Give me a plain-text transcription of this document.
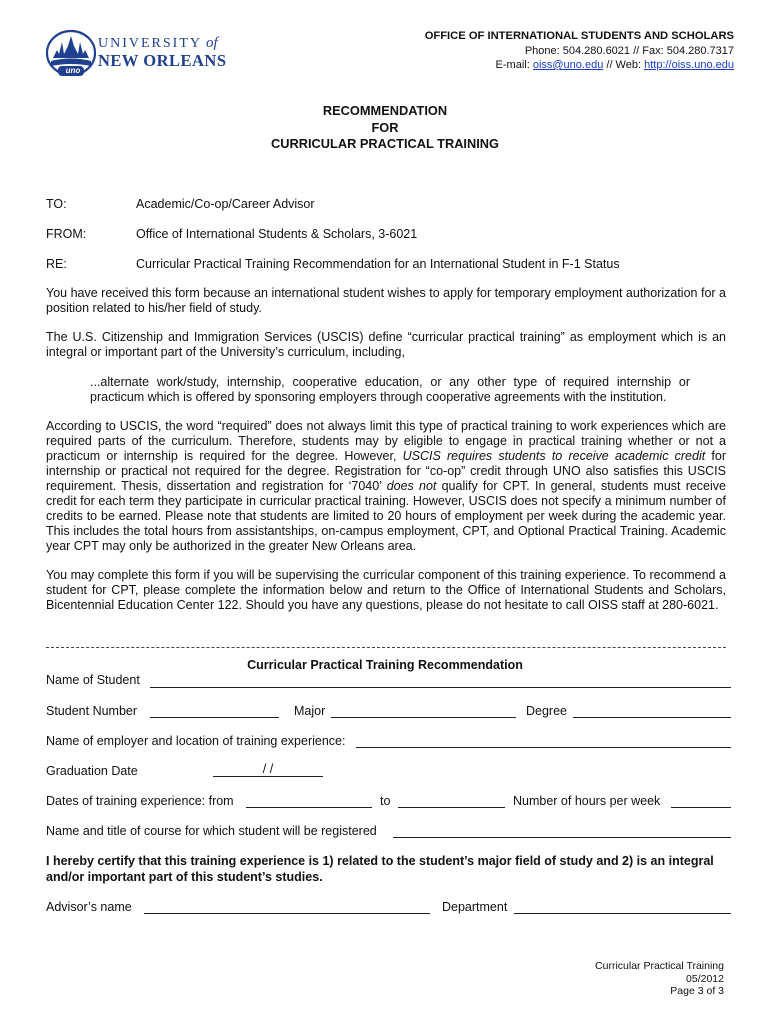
uno
UNIVERSITY of
NEW ORLEANS
OFFICE OF INTERNATIONAL STUDENTS AND SCHOLARS
Phone: 504.280.6021 // Fax: 504.280.7317
E-mail: oiss@uno.edu // Web: http://oiss.uno.edu
RECOMMENDATION
FOR
CURRICULAR PRACTICAL TRAINING
TO:	Academic/Co-op/Career Advisor
FROM:	Office of International Students & Scholars, 3-6021
RE:	Curricular Practical Training Recommendation for an International Student in F-1 Status
You have received this form because an international student wishes to apply for temporary employment authorization for a position related to his/her field of study.
The U.S. Citizenship and Immigration Services (USCIS) define “curricular practical training” as employment which is an integral or important part of the University’s curriculum, including,
...alternate work/study, internship, cooperative education, or any other type of required internship or practicum which is offered by sponsoring employers through cooperative agreements with the institution.
According to USCIS, the word “required” does not always limit this type of practical training to work experiences which are required parts of the curriculum. Therefore, students may by eligible to engage in practical training whether or not a practicum or internship is required for the degree. However, USCIS requires students to receive academic credit for internship or practical not required for the degree. Registration for “co-op” credit through UNO also satisfies this USCIS requirement. Thesis, dissertation and registration for ‘7040’ does not qualify for CPT. In general, students must receive credit for each term they participate in curricular practical training. However, USCIS does not specify a minimum number of credits to be earned. Please note that students are limited to 20 hours of employment per week during the academic year. This includes the total hours from assistantships, on-campus employment, CPT, and Optional Practical Training. Academic year CPT may only be authorized in the greater New Orleans area.
You may complete this form if you will be supervising the curricular component of this training experience. To recommend a student for CPT, please complete the information below and return to the Office of International Students and Scholars, Bicentennial Education Center 122. Should you have any questions, please do not hesitate to call OISS staff at 280-6021.
Curricular Practical Training Recommendation
Name of Student
Student Number	Major	Degree
Name of employer and location of training experience:
Graduation Date	/ /
Dates of training experience: from	to	Number of hours per week
Name and title of course for which student will be registered
I hereby certify that this training experience is 1) related to the student’s major field of study and 2) is an integral and/or important part of this student’s studies.
Advisor’s name	Department
Curricular Practical Training
05/2012
Page 3 of 3
